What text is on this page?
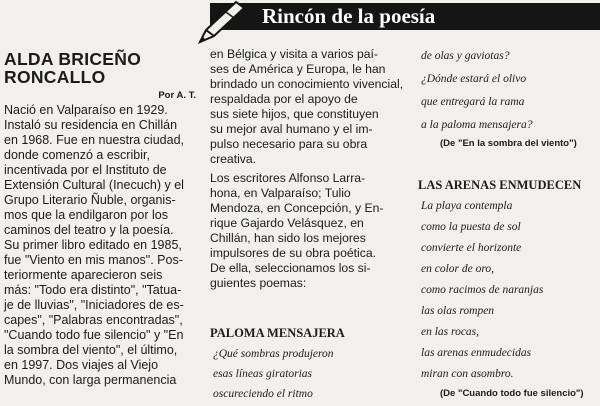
Rincón de la poesía
ALDA BRICEÑO
RONCALLO
Por A. T.
Nació en Valparaíso en 1929.
Instaló su residencia en Chillán
en 1968. Fue en nuestra ciudad,
donde comenzó a escribir,
incentivada por el Instituto de
Extensión Cultural (Inecuch) y el
Grupo Literario Ñuble, organis-
mos que la endilgaron por los
caminos del teatro y la poesía.
Su primer libro editado en 1985,
fue "Viento en mis manos". Pos-
teriormente aparecieron seis
más: "Todo era distinto", "Tatua-
je de lluvias", "Iniciadores de es-
capes", "Palabras encontradas",
"Cuando todo fue silencio" y "En
la sombra del viento", el último,
en 1997. Dos viajes al Viejo
Mundo, con larga permanencia
en Bélgica y visita a varios paí-
ses de América y Europa, le han
brindado un conocimiento vivencial,
respaldada por el apoyo de
sus siete hijos, que constituyen
su mejor aval humano y el im-
pulso necesario para su obra
creativa.
Los escritores Alfonso Larra-
hona, en Valparaíso; Tulio
Mendoza, en Concepción, y En-
rique Gajardo Velásquez, en
Chillán, han sido los mejores
impulsores de su obra poética.
De ella, seleccionamos los si-
guientes poemas:
PALOMA MENSAJERA
¿Qué sombras produjeron
esas líneas giratorias
oscureciendo el ritmo
de olas y gaviotas?
¿Dónde estará el olivo
que entregará la rama
a la paloma mensajera?
(De "En la sombra del viento")
LAS ARENAS ENMUDECEN
La playa contempla
como la puesta de sol
convierte el horizonte
en color de oro,
como racimos de naranjas
las olas rompen
en las rocas,
las arenas enmudecidas
miran con asombro.
(De "Cuando todo fue silencio")
